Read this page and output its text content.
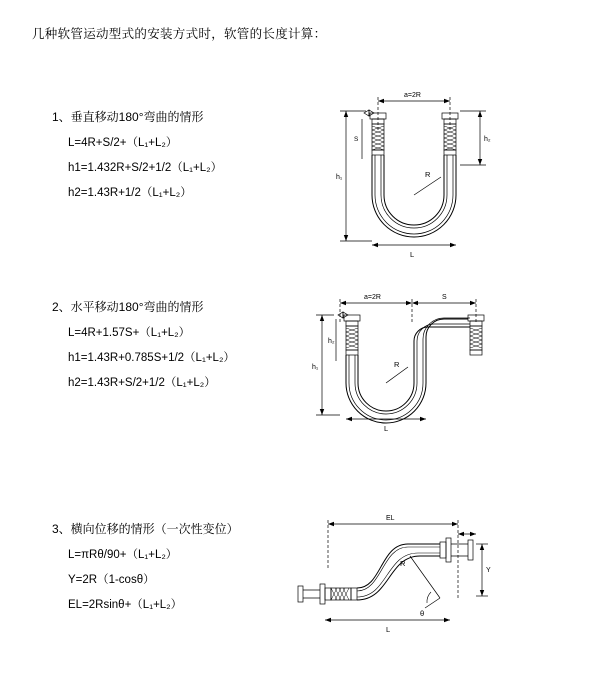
几种软管运动型式的安装方式时，软管的长度计算：
1、垂直移动180°弯曲的情形
L=4R+S/2+（L₁+L₂）
h1=1.432R+S/2+1/2（L₁+L₂）
h2=1.43R+1/2（L₁+L₂）
a=2R
h₂
h₁
S
R
L
2、水平移动180°弯曲的情形
L=4R+1.57S+（L₁+L₂）
h1=1.43R+0.785S+1/2（L₁+L₂）
h2=1.43R+S/2+1/2（L₁+L₂）
a=2R	S
h₁
h₂
R
L
3、横向位移的情形（一次性变位）
L=πRθ/90+（L₁+L₂）
Y=2R（1-cosθ）
EL=2Rsinθ+（L₁+L₂）
EL
Y
R
θ
L
